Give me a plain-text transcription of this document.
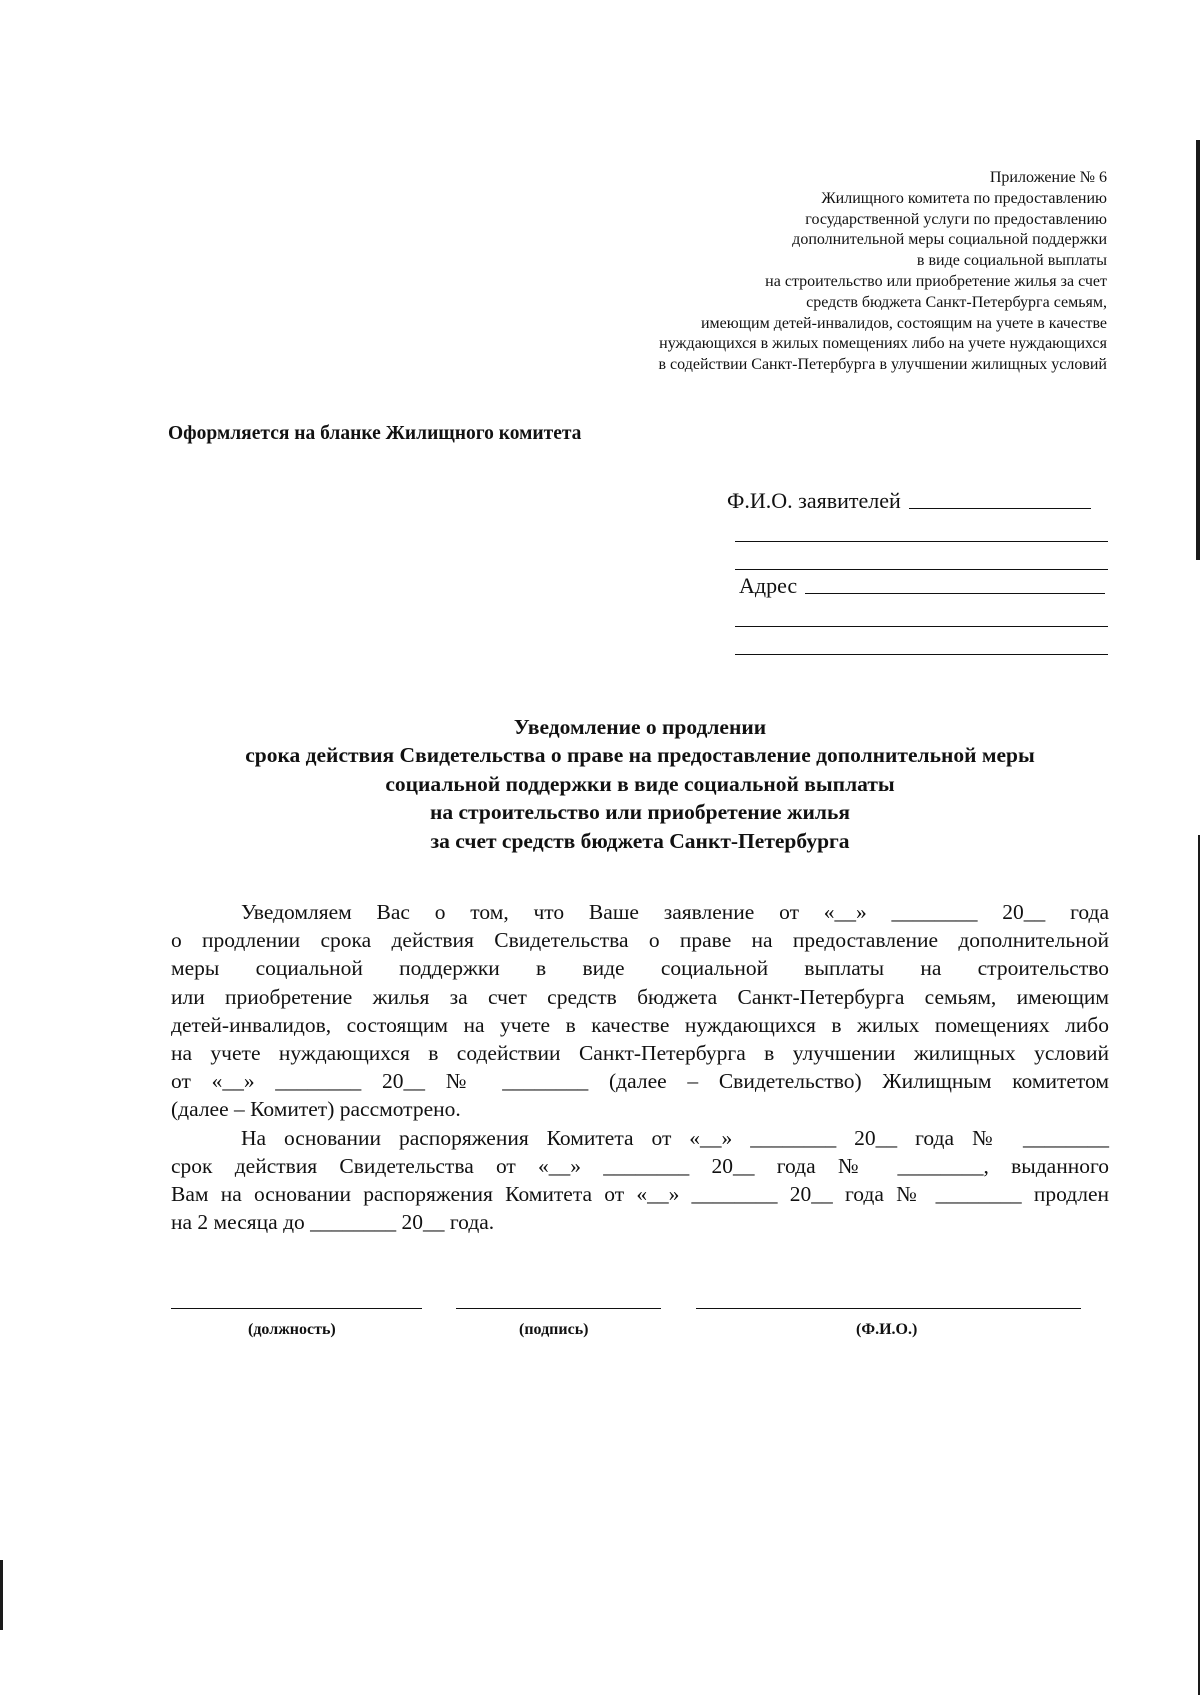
Приложение № 6
Жилищного комитета по предоставлению
государственной услуги по предоставлению
дополнительной меры социальной поддержки
в виде социальной выплаты
на строительство или приобретение жилья за счет
средств бюджета Санкт-Петербурга семьям,
имеющим детей-инвалидов, состоящим на учете в качестве
нуждающихся в жилых помещениях либо на учете нуждающихся
в содействии Санкт-Петербурга в улучшении жилищных условий
Оформляется на бланке Жилищного комитета
Ф.И.О. заявителей
Адрес
Уведомление о продлении
срока действия Свидетельства о праве на предоставление дополнительной меры
социальной поддержки в виде социальной выплаты
на строительство или приобретение жилья
за счет средств бюджета Санкт-Петербурга
Уведомляем Вас о том, что Ваше заявление от «__» ________ 20__ года
о продлении срока действия Свидетельства о праве на предоставление дополнительной
меры социальной поддержки в виде социальной выплаты на строительство
или приобретение жилья за счет средств бюджета Санкт-Петербурга семьям, имеющим
детей-инвалидов, состоящим на учете в качестве нуждающихся в жилых помещениях либо
на учете нуждающихся в содействии Санкт-Петербурга в улучшении жилищных условий
от «__» ________ 20__ № ________ (далее – Свидетельство) Жилищным комитетом
(далее – Комитет) рассмотрено.
На основании распоряжения Комитета от «__» ________ 20__ года № ________
срок действия Свидетельства от «__» ________ 20__ года № ________, выданного
Вам на основании распоряжения Комитета от «__» ________ 20__ года № ________ продлен
на 2 месяца до ________ 20__ года.
(должность)	(подпись)	(Ф.И.О.)
